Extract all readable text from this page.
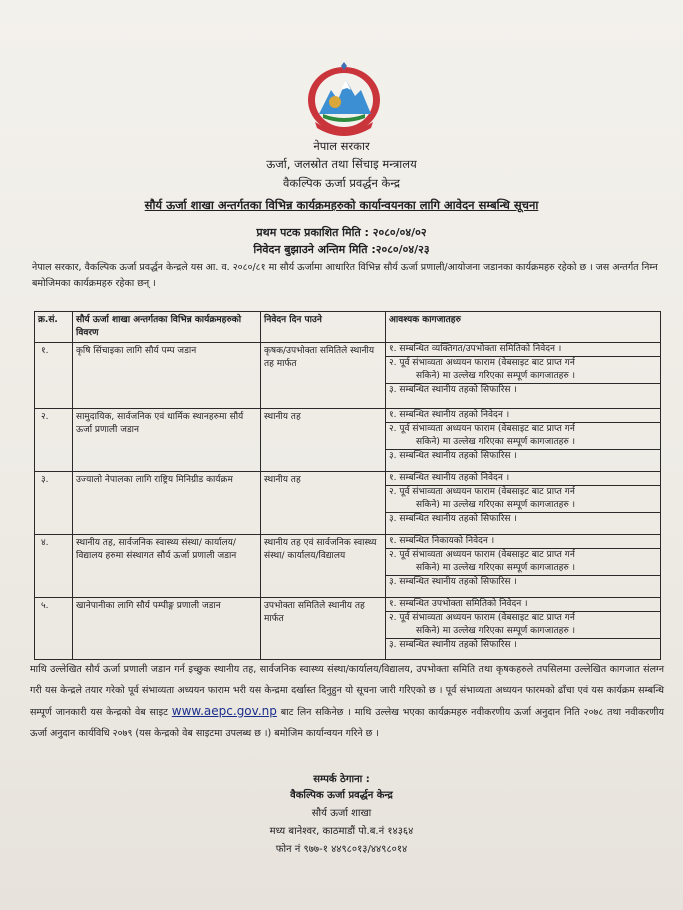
नेपाल सरकार
ऊर्जा, जलस्रोत तथा सिंचाइ मन्त्रालय
वैकल्पिक ऊर्जा प्रवर्द्धन केन्द्र
सौर्य ऊर्जा शाखा अन्तर्गतका विभिन्न कार्यक्रमहरुको कार्यान्वयनका लागि आवेदन सम्बन्धि सूचना
प्रथम पटक प्रकाशित मिति : २०८०/०४/०२
निवेदन बुझाउने अन्तिम मिति :२०८०/०४/२३
नेपाल सरकार, वैकल्पिक ऊर्जा प्रवर्द्धन केन्द्रले यस आ. व. २०८०/८१ मा सौर्य ऊर्जामा आधारित विभिन्न सौर्य ऊर्जा प्रणाली/आयोजना जडानका कार्यक्रमहरु रहेको छ । जस अन्तर्गत निम्न बमोजिमका कार्यक्रमहरु रहेका छन् ।
क्र.सं.	सौर्य ऊर्जा शाखा अन्तर्गतका विभिन्न कार्यक्रमहरुको विवरण	निवेदन दिन पाउने	आवश्यक कागजातहरु
१.	कृषि सिंचाइका लागि सौर्य पम्प जडान	कृषक/उपभोक्ता समितिले स्थानीय तह मार्फत	१. सम्बन्धित व्यक्तिगत/उपभोक्ता समितिको निवेदन ।
२. पूर्व संभाव्यता अध्ययन फाराम (वेबसाइट बाट प्राप्त गर्न
सकिने) मा उल्लेख गरिएका सम्पूर्ण कागजातहरु ।
३. सम्बन्धित स्थानीय तहको सिफारिस ।

२.	सामुदायिक, सार्वजनिक एवं धार्मिक स्थानहरुमा सौर्य ऊर्जा प्रणाली जडान	स्थानीय तह	१. सम्बन्धित स्थानीय तहको निवेदन ।
२. पूर्व संभाव्यता अध्ययन फाराम (वेबसाइट बाट प्राप्त गर्न
सकिने) मा उल्लेख गरिएका सम्पूर्ण कागजातहरु ।
३. सम्बन्धित स्थानीय तहको सिफारिस ।

३.	उज्यालो नेपालका लागि राष्ट्रिय मिनिग्रीड कार्यक्रम	स्थानीय तह	१. सम्बन्धित स्थानीय तहको निवेदन ।
२. पूर्व संभाव्यता अध्ययन फाराम (वेबसाइट बाट प्राप्त गर्न
सकिने) मा उल्लेख गरिएका सम्पूर्ण कागजातहरु ।
३. सम्बन्धित स्थानीय तहको सिफारिस ।

४.	स्थानीय तह, सार्वजनिक स्वास्थ्य संस्था/ कार्यालय/ विद्यालय हरुमा संस्थागत सौर्य ऊर्जा प्रणाली जडान	स्थानीय तह एवं सार्वजनिक स्वास्थ्य संस्था/ कार्यालय/विद्यालय	१. सम्बन्धित निकायको निवेदन ।
२. पूर्व संभाव्यता अध्ययन फाराम (वेबसाइट बाट प्राप्त गर्न
सकिने) मा उल्लेख गरिएका सम्पूर्ण कागजातहरु ।
३. सम्बन्धित स्थानीय तहको सिफारिस ।

५.	खानेपानीका लागि सौर्य पम्पीङ्ग प्रणाली जडान	उपभोक्ता समितिले स्थानीय तह मार्फत	१. सम्बन्धित उपभोक्ता समितिको निवेदन ।
२. पूर्व संभाव्यता अध्ययन फाराम (वेबसाइट बाट प्राप्त गर्न
सकिने) मा उल्लेख गरिएका सम्पूर्ण कागजातहरु ।
३. सम्बन्धित स्थानीय तहको सिफारिस ।
माथि उल्लेखित सौर्य ऊर्जा प्रणाली जडान गर्न इच्छुक स्थानीय तह, सार्वजनिक स्वास्थ्य संस्था/कार्यालय/विद्यालय, उपभोक्ता समिति तथा कृषकहरुले तपसिलमा उल्लेखित कागजात संलग्न गरी यस केन्द्रले तयार गरेको पूर्व संभाव्यता अध्ययन फाराम भरी यस केन्द्रमा दर्खास्त दिनुहुन यो सूचना जारी गरिएको छ । पूर्व संभाव्यता अध्ययन फारमको ढाँचा एवं यस कार्यक्रम सम्बन्धि सम्पूर्ण जानकारी यस केन्द्रको वेब साइट www.aepc.gov.np बाट लिन सकिनेछ । माथि उल्लेख भएका कार्यक्रमहरु नवीकरणीय ऊर्जा अनुदान निति २०७८ तथा नवीकरणीय ऊर्जा अनुदान कार्यविधि २०७९ (यस केन्द्रको वेब साइटमा उपलब्ध छ ।) बमोजिम कार्यान्वयन गरिने छ ।
सम्पर्क ठेगाना :
वैकल्पिक ऊर्जा प्रवर्द्धन केन्द्र
सौर्य ऊर्जा शाखा
मध्य बानेश्वर, काठमाडौं पो.ब.नं १४३६४
फोन नं ९७७-१ ४४९८०१३/४४९८०१४
